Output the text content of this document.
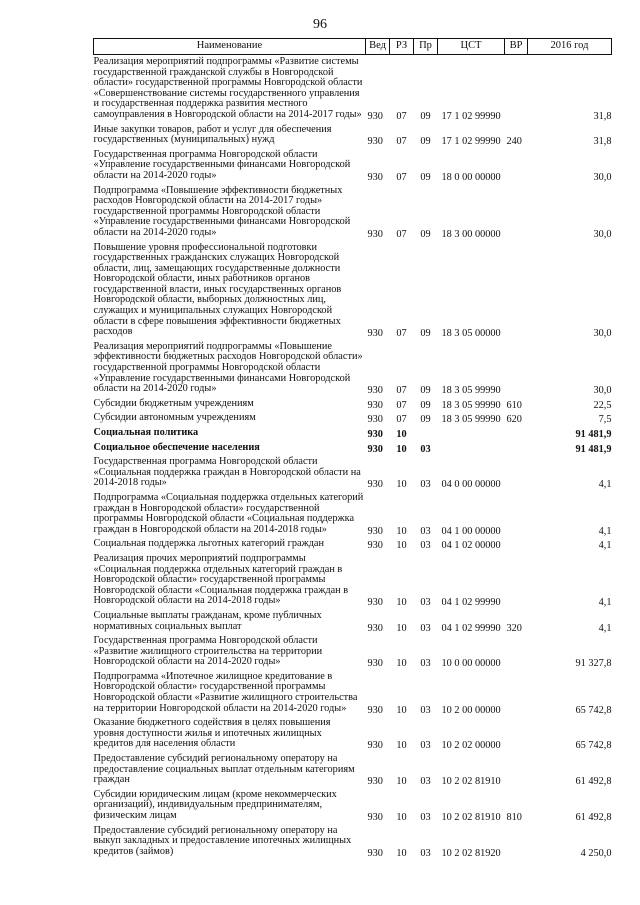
96
Наименование	Вед	РЗ	Пр	ЦСТ	ВР	2016 год
Реализация мероприятий подпрограммы «Развитие системы государственной гражданской службы в Новгородской области» государственной программы Новгородской области «Совершенствование системы государственного управления и государственная поддержка развития местного самоуправления в Новгородской области на 2014-2017 годы»	930	07	09	17 1 02 99990		31,8
Иные закупки товаров, работ и услуг для обеспечения государственных (муниципальных) нужд	930	07	09	17 1 02 99990	240	31,8
Государственная программа Новгородской области «Управление государственными финансами Новгородской области на 2014-2020 годы»	930	07	09	18 0 00 00000		30,0
Подпрограмма «Повышение эффективности бюджетных расходов Новгородской области на 2014-2017 годы» государственной программы Новгородской области «Управление государственными финансами Новгородской области на 2014-2020 годы»	930	07	09	18 3 00 00000		30,0
Повышение уровня профессиональной подготовки государственных гражданских служащих Новгородской области, лиц, замещающих государственные должности Новгородской области, иных работников органов государственной власти, иных государственных органов Новгородской области, выборных должностных лиц, служащих и муниципальных служащих Новгородской области в сфере повышения эффективности бюджетных расходов	930	07	09	18 3 05 00000		30,0
Реализация мероприятий подпрограммы «Повышение эффективности бюджетных расходов Новгородской области» государственной программы Новгородской области «Управление государственными финансами Новгородской области на 2014-2020 годы»	930	07	09	18 3 05 99990		30,0
Субсидии бюджетным учреждениям	930	07	09	18 3 05 99990	610	22,5
Субсидии автономным учреждениям	930	07	09	18 3 05 99990	620	7,5
Социальная политика	930	10				91 481,9
Социальное обеспечение населения	930	10	03			91 481,9
Государственная программа Новгородской области «Социальная поддержка граждан в Новгородской области на 2014-2018 годы»	930	10	03	04 0 00 00000		4,1
Подпрограмма «Социальная поддержка отдельных категорий граждан в Новгородской области» государственной программы Новгородской области «Социальная поддержка граждан в Новгородской области на 2014-2018 годы»	930	10	03	04 1 00 00000		4,1
Социальная поддержка льготных категорий граждан	930	10	03	04 1 02 00000		4,1
Реализация прочих мероприятий подпрограммы «Социальная поддержка отдельных категорий граждан в Новгородской области» государственной программы Новгородской области «Социальная поддержка граждан в Новгородской области на 2014-2018 годы»	930	10	03	04 1 02 99990		4,1
Социальные выплаты гражданам, кроме публичных нормативных социальных выплат	930	10	03	04 1 02 99990	320	4,1
Государственная программа Новгородской области «Развитие жилищного строительства на территории Новгородской области на 2014-2020 годы»	930	10	03	10 0 00 00000		91 327,8
Подпрограмма «Ипотечное жилищное кредитование в Новгородской области» государственной программы Новгородской области «Развитие жилищного строительства на территории Новгородской области на 2014-2020 годы»	930	10	03	10 2 00 00000		65 742,8
Оказание бюджетного содействия в целях повышения уровня доступности жилья и ипотечных жилищных кредитов для населения области	930	10	03	10 2 02 00000		65 742,8
Предоставление субсидий региональному оператору на предоставление социальных выплат отдельным категориям граждан	930	10	03	10 2 02 81910		61 492,8
Субсидии юридическим лицам (кроме некоммерческих организаций), индивидуальным предпринимателям, физическим лицам	930	10	03	10 2 02 81910	810	61 492,8
Предоставление субсидий региональному оператору на выкуп закладных и предоставление ипотечных жилищных кредитов (займов)	930	10	03	10 2 02 81920		4 250,0
